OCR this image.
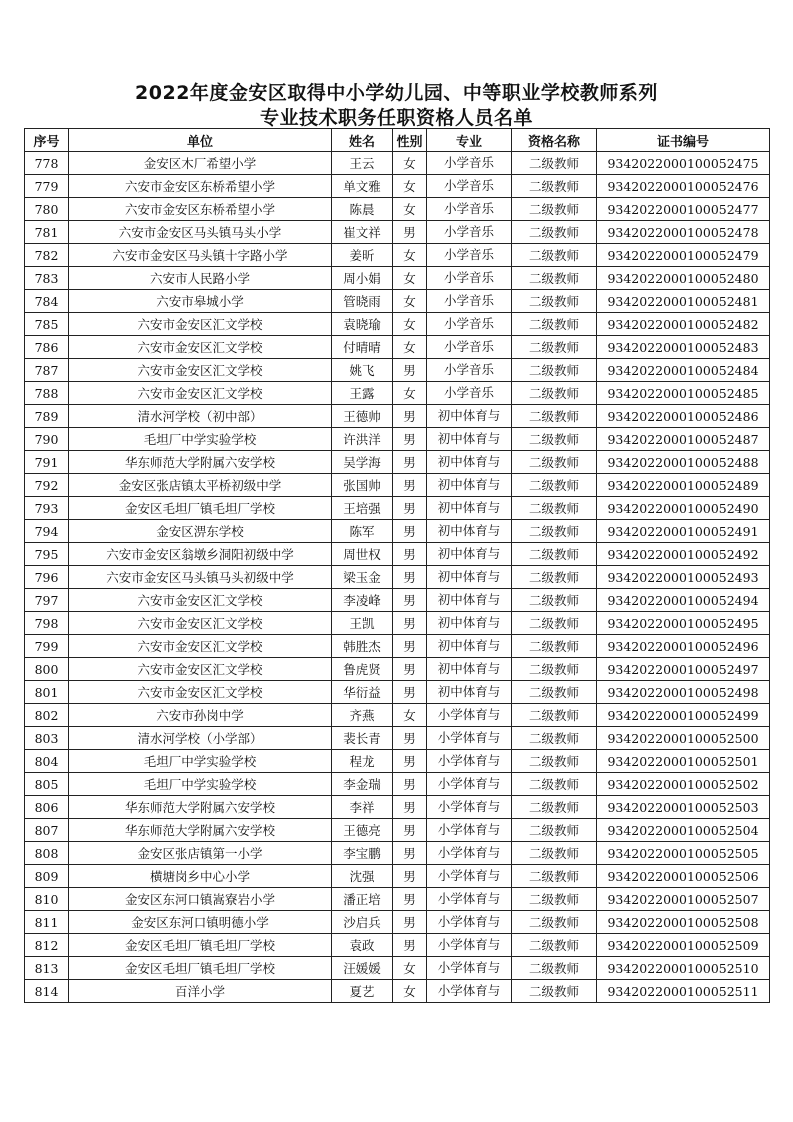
2022年度金安区取得中小学幼儿园、中等职业学校教师系列
专业技术职务任职资格人员名单
序号	单位	姓名	性别	专业	资格名称	证书编号
778	金安区木厂希望小学	王云	女	小学音乐	二级教师	9342022000100052475
779	六安市金安区东桥希望小学	单文雅	女	小学音乐	二级教师	9342022000100052476
780	六安市金安区东桥希望小学	陈晨	女	小学音乐	二级教师	9342022000100052477
781	六安市金安区马头镇马头小学	崔文祥	男	小学音乐	二级教师	9342022000100052478
782	六安市金安区马头镇十字路小学	姜昕	女	小学音乐	二级教师	9342022000100052479
783	六安市人民路小学	周小娟	女	小学音乐	二级教师	9342022000100052480
784	六安市皋城小学	管晓雨	女	小学音乐	二级教师	9342022000100052481
785	六安市金安区汇文学校	袁晓瑜	女	小学音乐	二级教师	9342022000100052482
786	六安市金安区汇文学校	付晴晴	女	小学音乐	二级教师	9342022000100052483
787	六安市金安区汇文学校	姚飞	男	小学音乐	二级教师	9342022000100052484
788	六安市金安区汇文学校	王露	女	小学音乐	二级教师	9342022000100052485
789	清水河学校（初中部）	王德帅	男	初中体育与	二级教师	9342022000100052486
790	毛坦厂中学实验学校	许洪洋	男	初中体育与	二级教师	9342022000100052487
791	华东师范大学附属六安学校	吴学海	男	初中体育与	二级教师	9342022000100052488
792	金安区张店镇太平桥初级中学	张国帅	男	初中体育与	二级教师	9342022000100052489
793	金安区毛坦厂镇毛坦厂学校	王培强	男	初中体育与	二级教师	9342022000100052490
794	金安区淠东学校	陈军	男	初中体育与	二级教师	9342022000100052491
795	六安市金安区翁墩乡洞阳初级中学	周世权	男	初中体育与	二级教师	9342022000100052492
796	六安市金安区马头镇马头初级中学	梁玉金	男	初中体育与	二级教师	9342022000100052493
797	六安市金安区汇文学校	李凌峰	男	初中体育与	二级教师	9342022000100052494
798	六安市金安区汇文学校	王凯	男	初中体育与	二级教师	9342022000100052495
799	六安市金安区汇文学校	韩胜杰	男	初中体育与	二级教师	9342022000100052496
800	六安市金安区汇文学校	鲁虎贤	男	初中体育与	二级教师	9342022000100052497
801	六安市金安区汇文学校	华衍益	男	初中体育与	二级教师	9342022000100052498
802	六安市孙岗中学	齐燕	女	小学体育与	二级教师	9342022000100052499
803	清水河学校（小学部）	裴长青	男	小学体育与	二级教师	9342022000100052500
804	毛坦厂中学实验学校	程龙	男	小学体育与	二级教师	9342022000100052501
805	毛坦厂中学实验学校	李金瑞	男	小学体育与	二级教师	9342022000100052502
806	华东师范大学附属六安学校	李祥	男	小学体育与	二级教师	9342022000100052503
807	华东师范大学附属六安学校	王德亮	男	小学体育与	二级教师	9342022000100052504
808	金安区张店镇第一小学	李宝鹏	男	小学体育与	二级教师	9342022000100052505
809	横塘岗乡中心小学	沈强	男	小学体育与	二级教师	9342022000100052506
810	金安区东河口镇嵩寮岩小学	潘正培	男	小学体育与	二级教师	9342022000100052507
811	金安区东河口镇明德小学	沙启兵	男	小学体育与	二级教师	9342022000100052508
812	金安区毛坦厂镇毛坦厂学校	袁政	男	小学体育与	二级教师	9342022000100052509
813	金安区毛坦厂镇毛坦厂学校	汪媛媛	女	小学体育与	二级教师	9342022000100052510
814	百洋小学	夏艺	女	小学体育与	二级教师	9342022000100052511
